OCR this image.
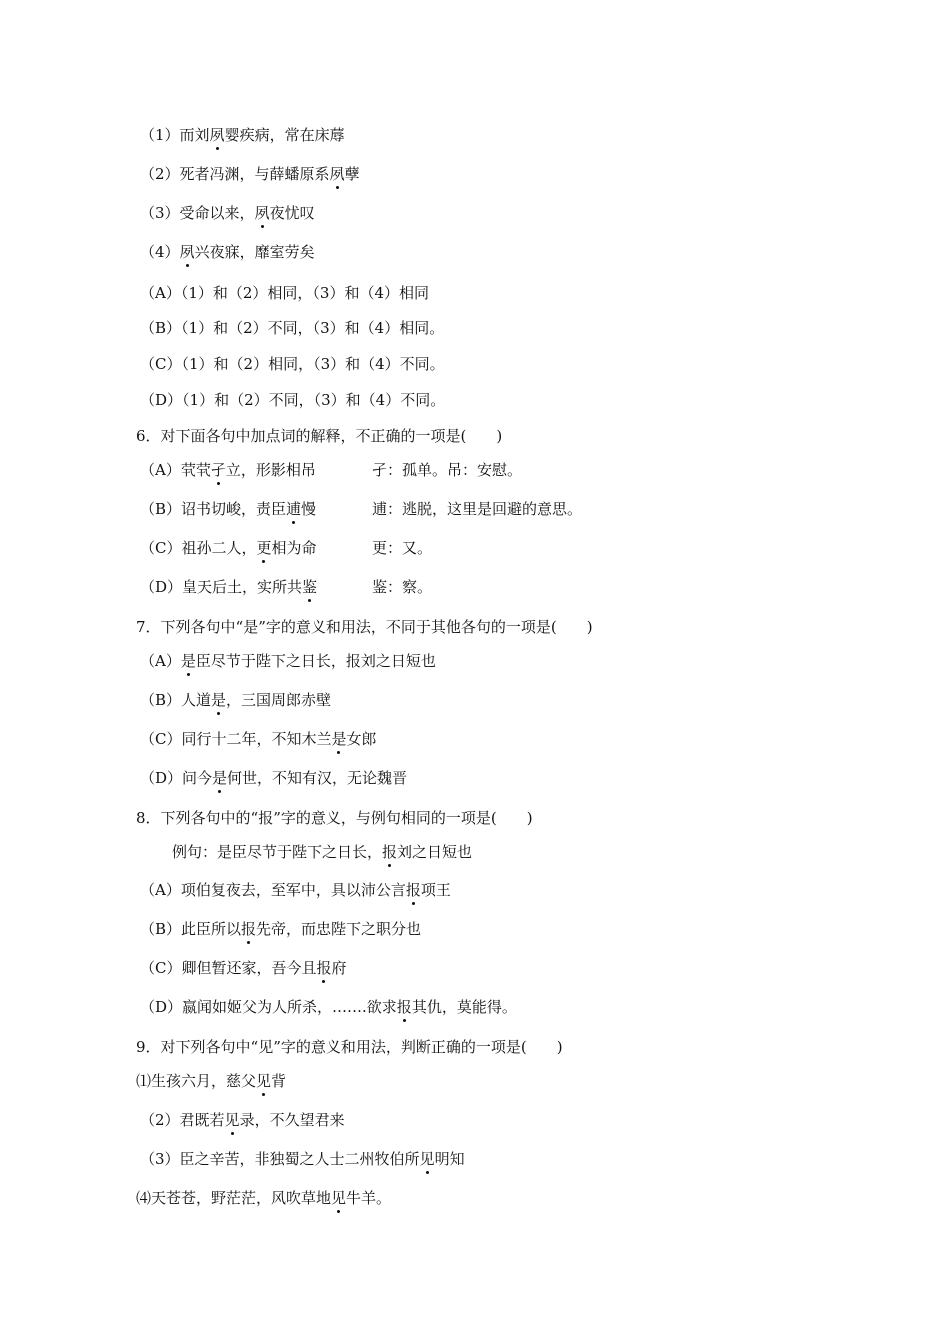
（1）而刘夙婴疾病，常在床蓐
（2）死者冯渊，与薛蟠原系夙孽
（3）受命以来，夙夜忧叹
（4）夙兴夜寐，靡室劳矣
（A）（1）和（2）相同，（3）和（4）相同
（B）（1）和（2）不同，（3）和（4）相同。
（C）（1）和（2）相同，（3）和（4）不同。
（D）（1）和（2）不同，（3）和（4）不同。
6．对下面各句中加点词的解释，不正确的一项是(　　)
（A）茕茕孑立，形影相吊	孑：孤单。吊：安慰。
（B）诏书切峻，责臣逋慢	逋：逃脱，这里是回避的意思。
（C）祖孙二人，更相为命	更：又。
（D）皇天后土，实所共鉴	鉴：察。
7．下列各句中“是”字的意义和用法，不同于其他各句的一项是(　　)
（A）是臣尽节于陛下之日长，报刘之日短也
（B）人道是，三国周郎赤壁
（C）同行十二年，不知木兰是女郎
（D）问今是何世，不知有汉，无论魏晋
8．下列各句中的“报”字的意义，与例句相同的一项是(　　)
例句：是臣尽节于陛下之日长，报刘之日短也
（A）项伯复夜去，至军中，具以沛公言报项王
（B）此臣所以报先帝，而忠陛下之职分也
（C）卿但暂还家，吾今且报府
（D）嬴闻如姬父为人所杀，…….欲求报其仇，莫能得。
9．对下列各句中“见”字的意义和用法，判断正确的一项是(　　)
⑴生孩六月，慈父见背
（2）君既若见录，不久望君来
（3）臣之辛苦，非独蜀之人士二州牧伯所见明知
⑷天苍苍，野茫茫，风吹草地见牛羊。
